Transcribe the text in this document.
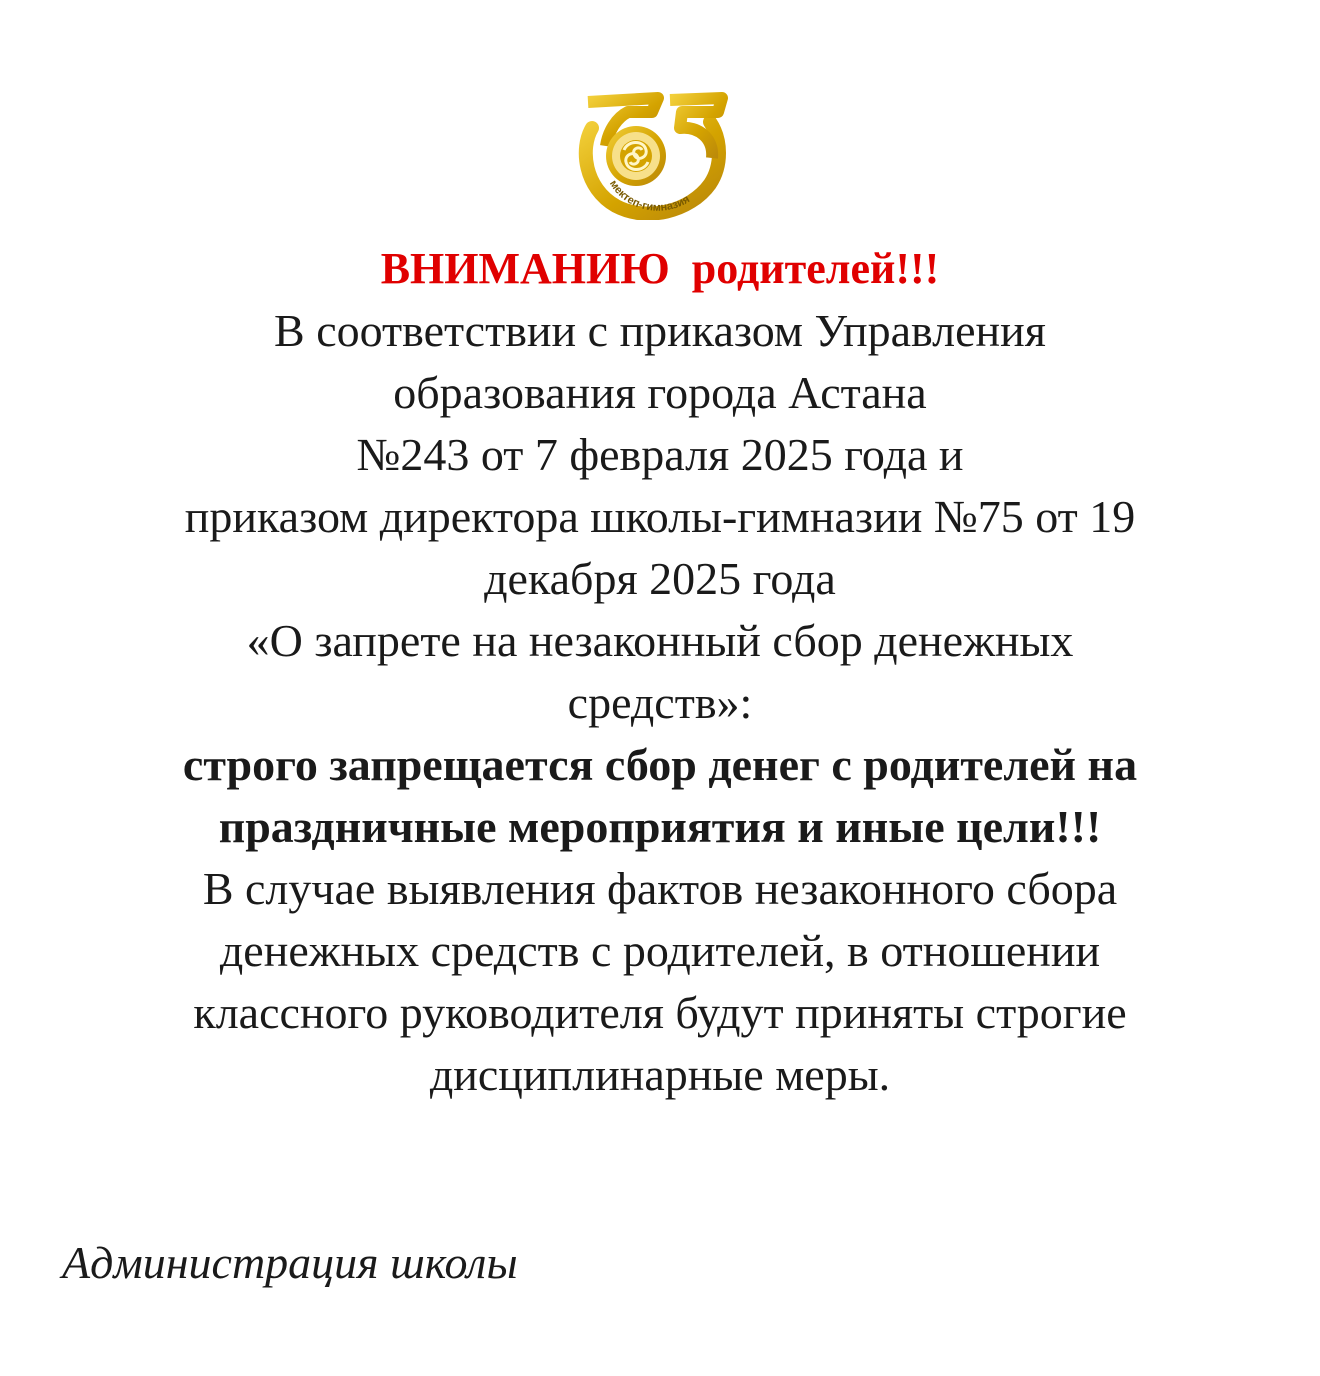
мектеп-гимназия
ВНИМАНИЮ  родителей!!!
В соответствии с приказом Управления
образования города Астана
№243 от 7 февраля 2025 года и
приказом директора школы-гимназии №75 от 19
декабря 2025 года
«О запрете на незаконный сбор денежных
средств»:
строго запрещается сбор денег с родителей на
праздничные мероприятия и иные цели!!!
В случае выявления фактов незаконного сбора
денежных средств с родителей, в отношении
классного руководителя будут приняты строгие
дисциплинарные меры.
Администрация школы
